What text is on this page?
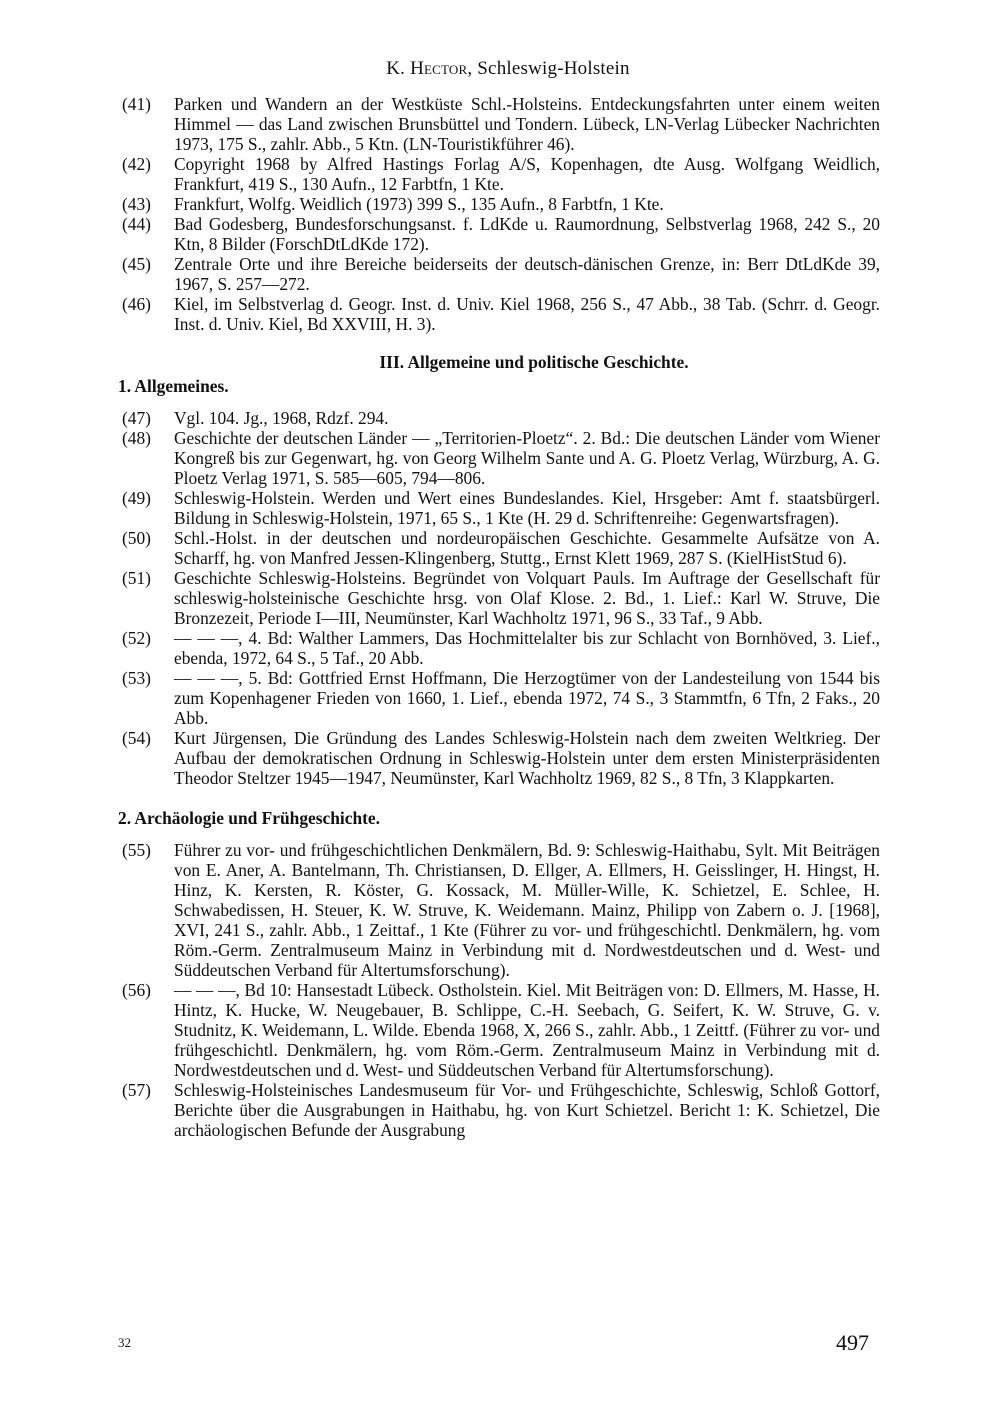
K. Hector, Schleswig-Holstein
(41) Parken und Wandern an der Westküste Schl.-Holsteins. Entdeckungsfahrten unter einem weiten Himmel — das Land zwischen Brunsbüttel und Tondern. Lübeck, LN-Verlag Lübecker Nachrichten 1973, 175 S., zahlr. Abb., 5 Ktn. (LN-Touristikführer 46).
(42) Copyright 1968 by Alfred Hastings Forlag A/S, Kopenhagen, dte Ausg. Wolfgang Weidlich, Frankfurt, 419 S., 130 Aufn., 12 Farbtfn, 1 Kte.
(43) Frankfurt, Wolfg. Weidlich (1973) 399 S., 135 Aufn., 8 Farbtfn, 1 Kte.
(44) Bad Godesberg, Bundesforschungsanst. f. LdKde u. Raumordnung, Selbstverlag 1968, 242 S., 20 Ktn, 8 Bilder (ForschDtLdKde 172).
(45) Zentrale Orte und ihre Bereiche beiderseits der deutsch-dänischen Grenze, in: Berr DtLdKde 39, 1967, S. 257—272.
(46) Kiel, im Selbstverlag d. Geogr. Inst. d. Univ. Kiel 1968, 256 S., 47 Abb., 38 Tab. (Schrr. d. Geogr. Inst. d. Univ. Kiel, Bd XXVIII, H. 3).
III. Allgemeine und politische Geschichte.
1. Allgemeines.
(47) Vgl. 104. Jg., 1968, Rdzf. 294.
(48) Geschichte der deutschen Länder — „Territorien-Ploetz“. 2. Bd.: Die deutschen Länder vom Wiener Kongreß bis zur Gegenwart, hg. von Georg Wilhelm Sante und A. G. Ploetz Verlag, Würzburg, A. G. Ploetz Verlag 1971, S. 585—605, 794—806.
(49) Schleswig-Holstein. Werden und Wert eines Bundeslandes. Kiel, Hrsgeber: Amt f. staatsbürgerl. Bildung in Schleswig-Holstein, 1971, 65 S., 1 Kte (H. 29 d. Schriftenreihe: Gegenwartsfragen).
(50) Schl.-Holst. in der deutschen und nordeuropäischen Geschichte. Gesammelte Aufsätze von A. Scharff, hg. von Manfred Jessen-Klingenberg, Stuttg., Ernst Klett 1969, 287 S. (KielHistStud 6).
(51) Geschichte Schleswig-Holsteins. Begründet von Volquart Pauls. Im Auftrage der Gesellschaft für schleswig-holsteinische Geschichte hrsg. von Olaf Klose. 2. Bd., 1. Lief.: Karl W. Struve, Die Bronzezeit, Periode I—III, Neumünster, Karl Wachholtz 1971, 96 S., 33 Taf., 9 Abb.
(52) — — —, 4. Bd: Walther Lammers, Das Hochmittelalter bis zur Schlacht von Bornhöved, 3. Lief., ebenda, 1972, 64 S., 5 Taf., 20 Abb.
(53) — — —, 5. Bd: Gottfried Ernst Hoffmann, Die Herzogtümer von der Landesteilung von 1544 bis zum Kopenhagener Frieden von 1660, 1. Lief., ebenda 1972, 74 S., 3 Stammtfn, 6 Tfn, 2 Faks., 20 Abb.
(54) Kurt Jürgensen, Die Gründung des Landes Schleswig-Holstein nach dem zweiten Weltkrieg. Der Aufbau der demokratischen Ordnung in Schleswig-Holstein unter dem ersten Ministerpräsidenten Theodor Steltzer 1945—1947, Neumünster, Karl Wachholtz 1969, 82 S., 8 Tfn, 3 Klappkarten.
2. Archäologie und Frühgeschichte.
(55) Führer zu vor- und frühgeschichtlichen Denkmälern, Bd. 9: Schleswig-Haithabu, Sylt. Mit Beiträgen von E. Aner, A. Bantelmann, Th. Christiansen, D. Ellger, A. Ellmers, H. Geisslinger, H. Hingst, H. Hinz, K. Kersten, R. Köster, G. Kossack, M. Müller-Wille, K. Schietzel, E. Schlee, H. Schwabedissen, H. Steuer, K. W. Struve, K. Weidemann. Mainz, Philipp von Zabern o. J. [1968], XVI, 241 S., zahlr. Abb., 1 Zeittaf., 1 Kte (Führer zu vor- und frühgeschichtl. Denkmälern, hg. vom Röm.-Germ. Zentralmuseum Mainz in Verbindung mit d. Nordwestdeutschen und d. West- und Süddeutschen Verband für Altertumsforschung).
(56) — — —, Bd 10: Hansestadt Lübeck. Ostholstein. Kiel. Mit Beiträgen von: D. Ellmers, M. Hasse, H. Hintz, K. Hucke, W. Neugebauer, B. Schlippe, C.-H. Seebach, G. Seifert, K. W. Struve, G. v. Studnitz, K. Weidemann, L. Wilde. Ebenda 1968, X, 266 S., zahlr. Abb., 1 Zeittf. (Führer zu vor- und frühgeschichtl. Denkmälern, hg. vom Röm.-Germ. Zentralmuseum Mainz in Verbindung mit d. Nordwestdeutschen und d. West- und Süddeutschen Verband für Altertumsforschung).
(57) Schleswig-Holsteinisches Landesmuseum für Vor- und Frühgeschichte, Schleswig, Schloß Gottorf, Berichte über die Ausgrabungen in Haithabu, hg. von Kurt Schietzel. Bericht 1: K. Schietzel, Die archäologischen Befunde der Ausgrabung
32	497
